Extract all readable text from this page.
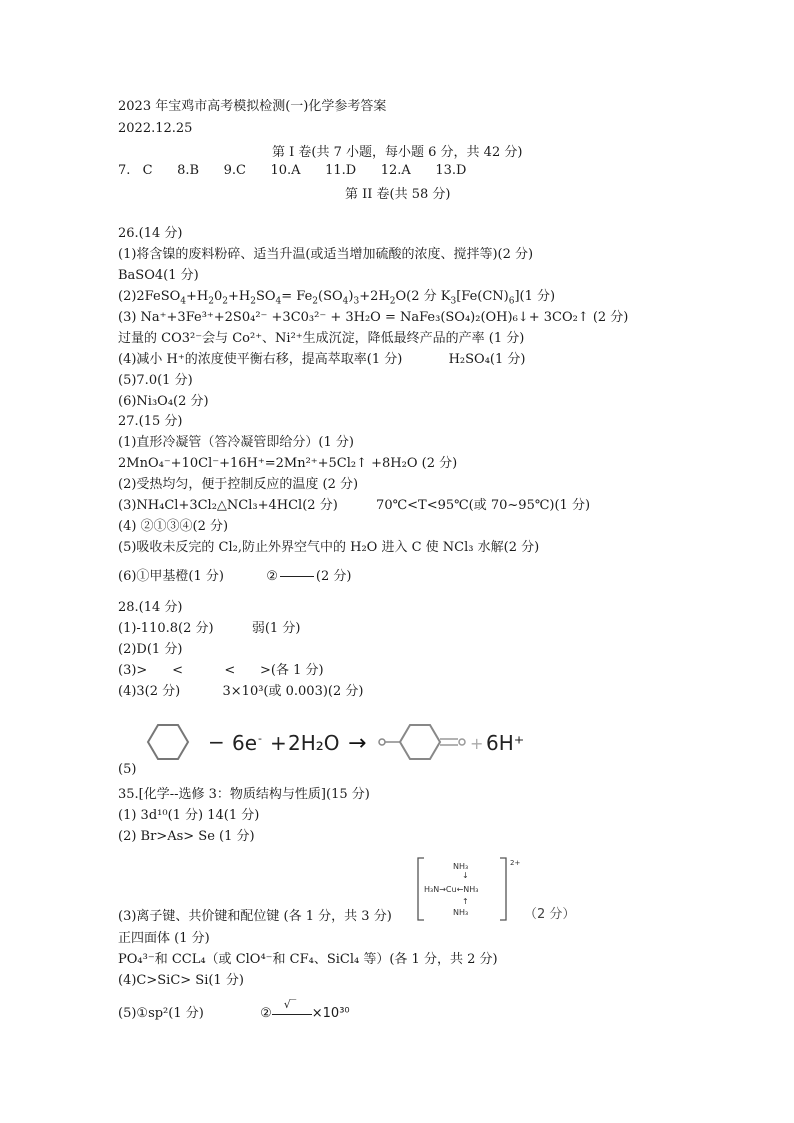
2023 年宝鸡市高考模拟检测(一)化学参考答案
2022.12.25
第 I 卷(共 7 小题，每小题 6 分，共 42 分)
7.  C    8.B    9.C    10.A    11.D    12.A    13.D
第 II 卷(共 58 分)
26.(14 分)
(1)将含镍的废料粉碎、适当升温(或适当增加硫酸的浓度、搅拌等)(2 分)
BaSO4(1 分)
$(2)2FeSO_4+H_20_2+H_2SO_4= Fe_2(SO_4)_3+2H_2O(2$ 分 $K_3[Fe(CN)_6](1$ 分)
(3) Na⁺+3Fe³⁺+2S0₄²⁻ +3C0₃²⁻ + 3H₂O = NaFe₃(SO₄)₂(OH)₆↓+ 3CO₂↑ (2 分)
过量的 CO3²⁻会与 Co²⁺、Ni²⁺生成沉淀，降低最终产品的产率 (1 分)
(4)减小 H⁺的浓度使平衡右移，提高萃取率(1 分)	H₂SO₄(1 分)
(5)7.0(1 分)
(6)Ni₃O₄(2 分)
27.(15 分)
(1)直形冷凝管（答冷凝管即给分）(1 分)
2MnO₄⁻+10Cl⁻+16H⁺=2Mn²⁺+5Cl₂↑ +8H₂O (2 分)
(2)受热均匀，便于控制反应的温度 (2 分)
(3)NH₄Cl+3Cl₂△NCl₃+4HCl(2 分)	70℃<T<95℃(或 70~95℃)(1 分)
(4) ②①③④(2 分)
(5)吸收未反完的 Cl₂,防止外界空气中的 H₂O 进入 C 使 NCl₃ 水解(2 分)
(6)①甲基橙(1 分)	②	(2 分)
28.(14 分)
(1)-110.8(2 分)	弱(1 分)
(2)D(1 分)
(3)>      <          <      >(各 1 分)
(4)3(2 分)	3×10³(或 0.003)(2 分)
− 6e - + 2H₂O →	+ 6H⁺
(5)
35.[化学--选修 3：物质结构与性质](15 分)
(1) 3d¹⁰(1 分) 14(1 分)
(2) Br>As> Se (1 分)
2+
NH₃
↓
H₃N→Cu←NH₃
↑
NH₃	（2 分）
(3)离子键、共价键和配位键 (各 1 分，共 3 分)
正四面体 (1 分)
PO₄³⁻和 CCL₄（或 ClO⁴⁻和 CF₄、SiCl₄ 等）(各 1 分，共 2 分)
(4)C>SiC> Si(1 分)
(5)①sp²(1 分)	②
√‾
×10³⁰
